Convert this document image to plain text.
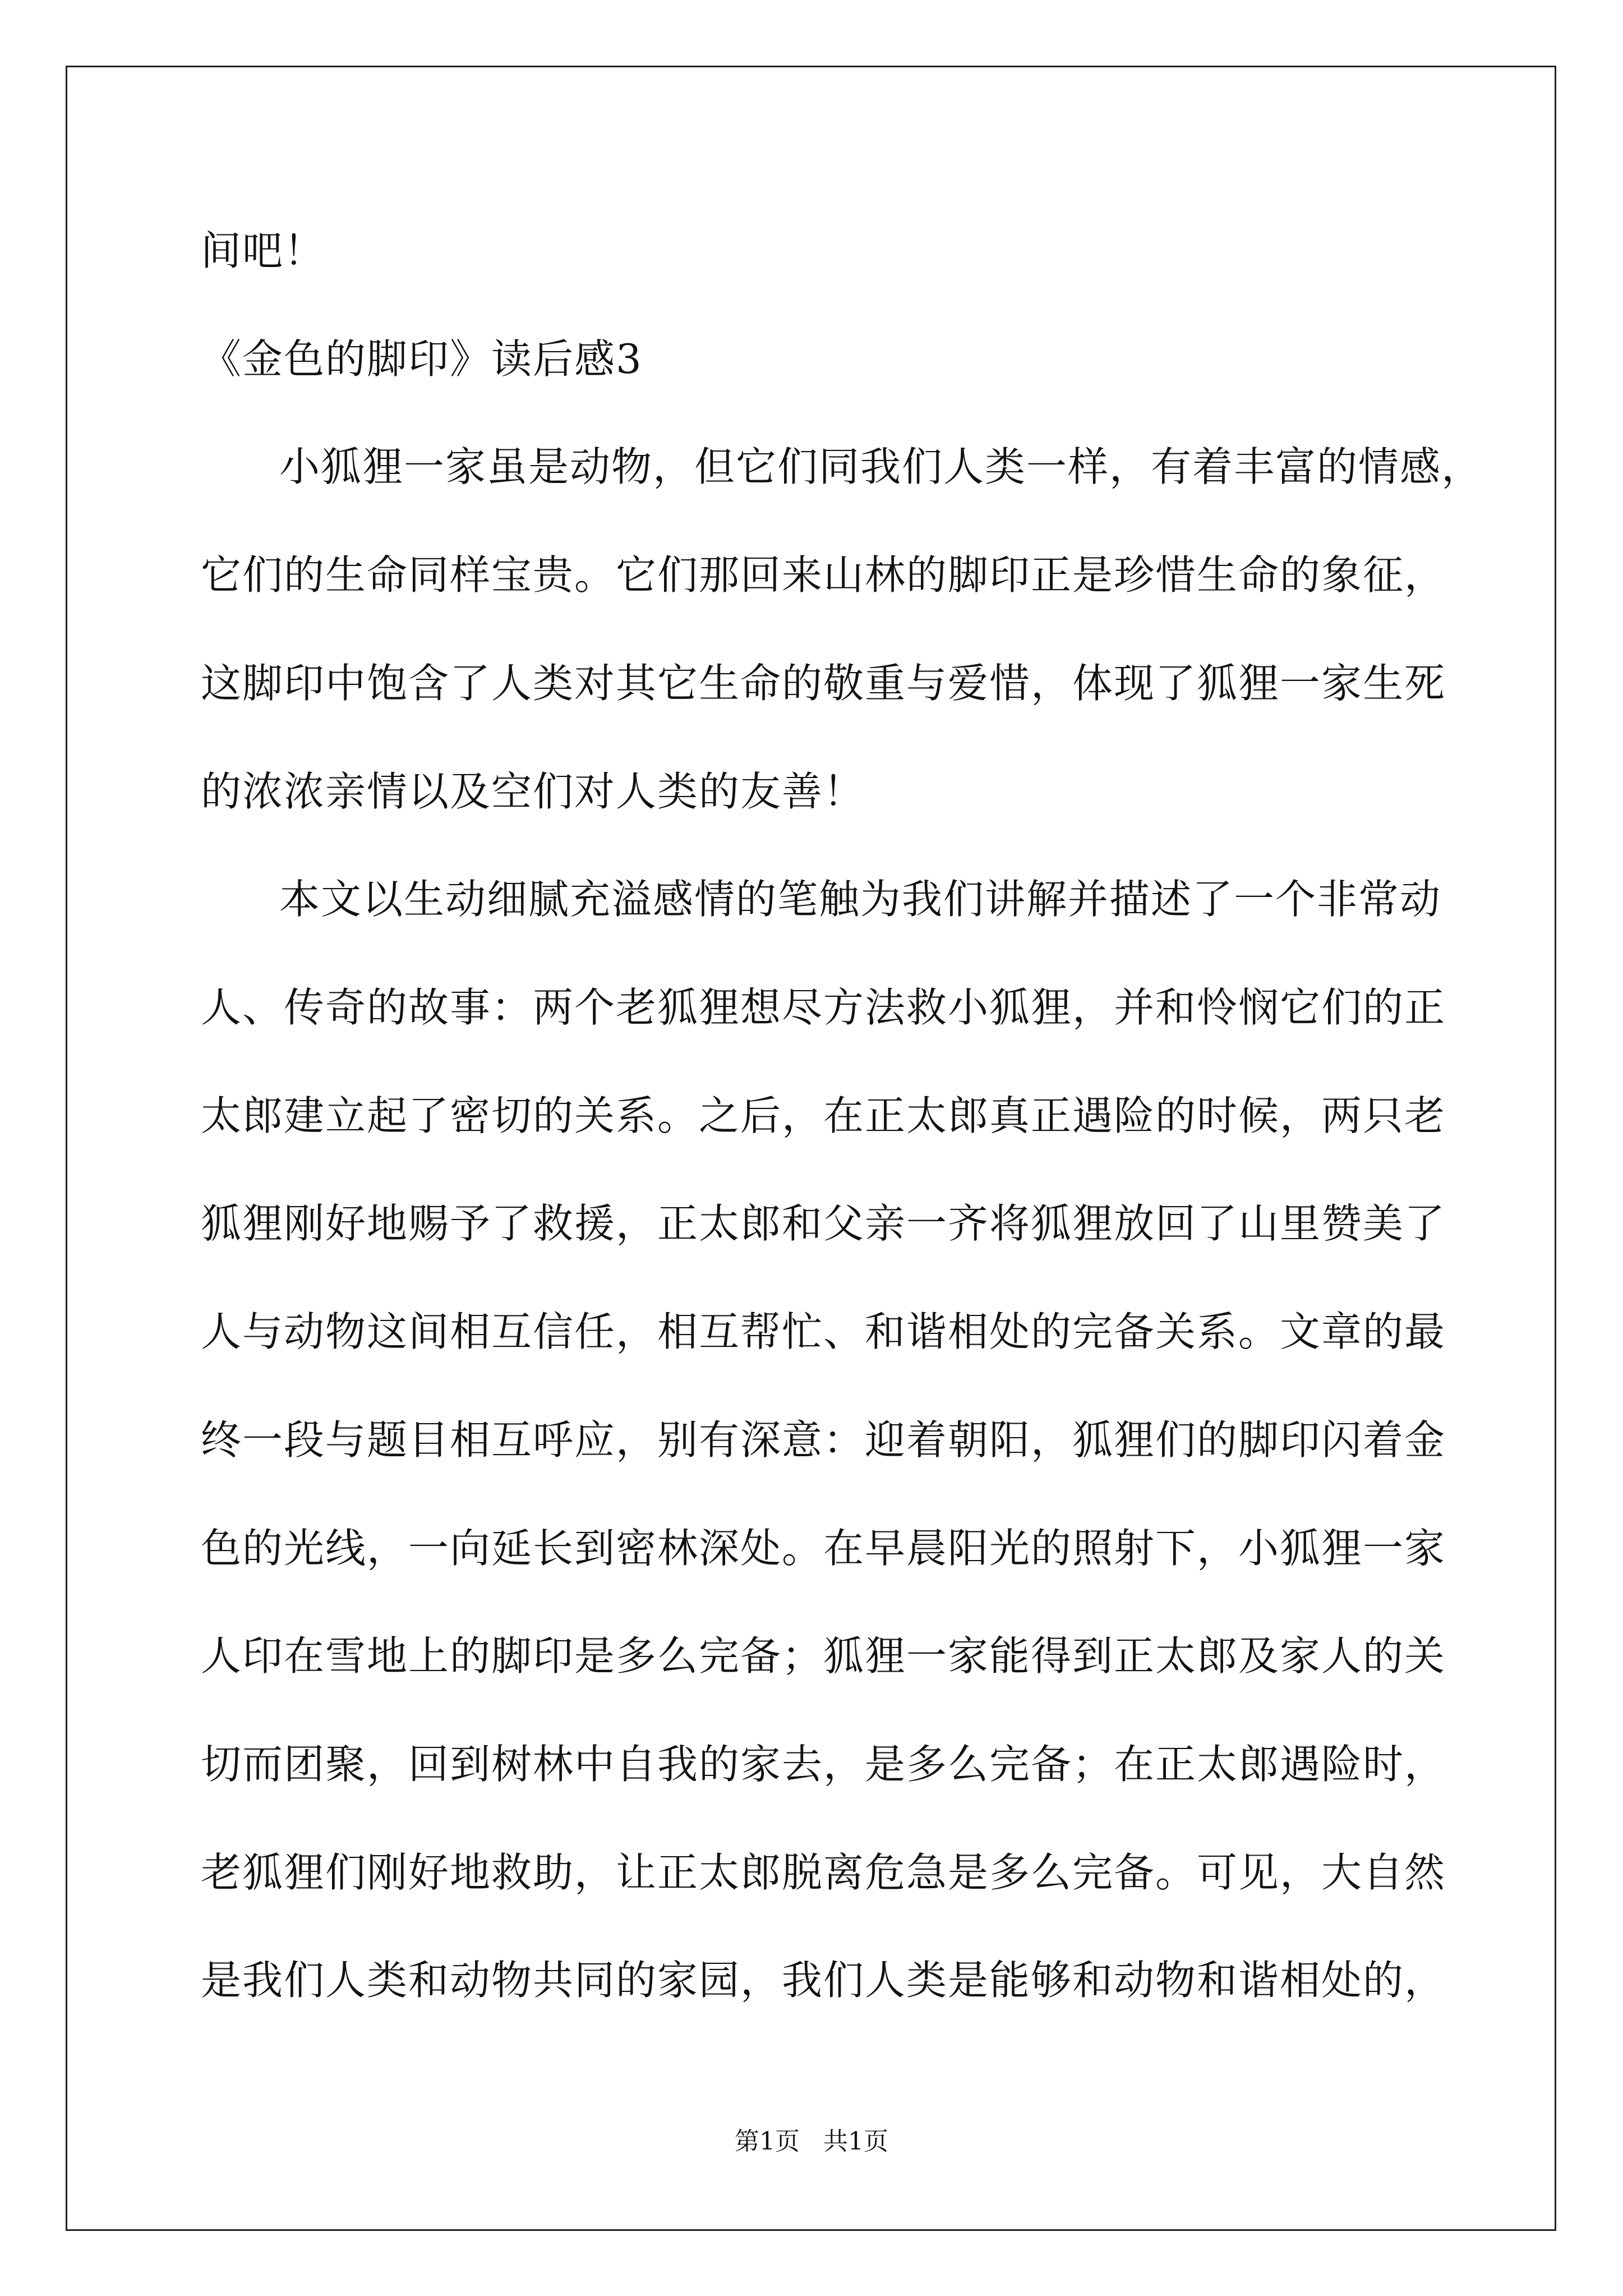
间吧！

《金色的脚印》读后感3

小狐狸一家虽是动物，但它们同我们人类一样，有着丰富的情感，

它们的生命同样宝贵。它们那回来山林的脚印正是珍惜生命的象征，

这脚印中饱含了人类对其它生命的敬重与爱惜，体现了狐狸一家生死

的浓浓亲情以及空们对人类的友善！

本文以生动细腻充溢感情的笔触为我们讲解并描述了一个非常动

人、传奇的故事：两个老狐狸想尽方法救小狐狸，并和怜悯它们的正

太郎建立起了密切的关系。之后，在正太郎真正遇险的时候，两只老

狐狸刚好地赐予了救援，正太郎和父亲一齐将狐狸放回了山里赞美了

人与动物这间相互信任，相互帮忙、和谐相处的完备关系。文章的最

终一段与题目相互呼应，别有深意：迎着朝阳，狐狸们的脚印闪着金

色的光线，一向延长到密林深处。在早晨阳光的照射下，小狐狸一家

人印在雪地上的脚印是多么完备；狐狸一家能得到正太郎及家人的关

切而团聚，回到树林中自我的家去，是多么完备；在正太郎遇险时，

老狐狸们刚好地救助，让正太郎脱离危急是多么完备。可见，大自然

是我们人类和动物共同的家园，我们人类是能够和动物和谐相处的，

第1页   共1页
